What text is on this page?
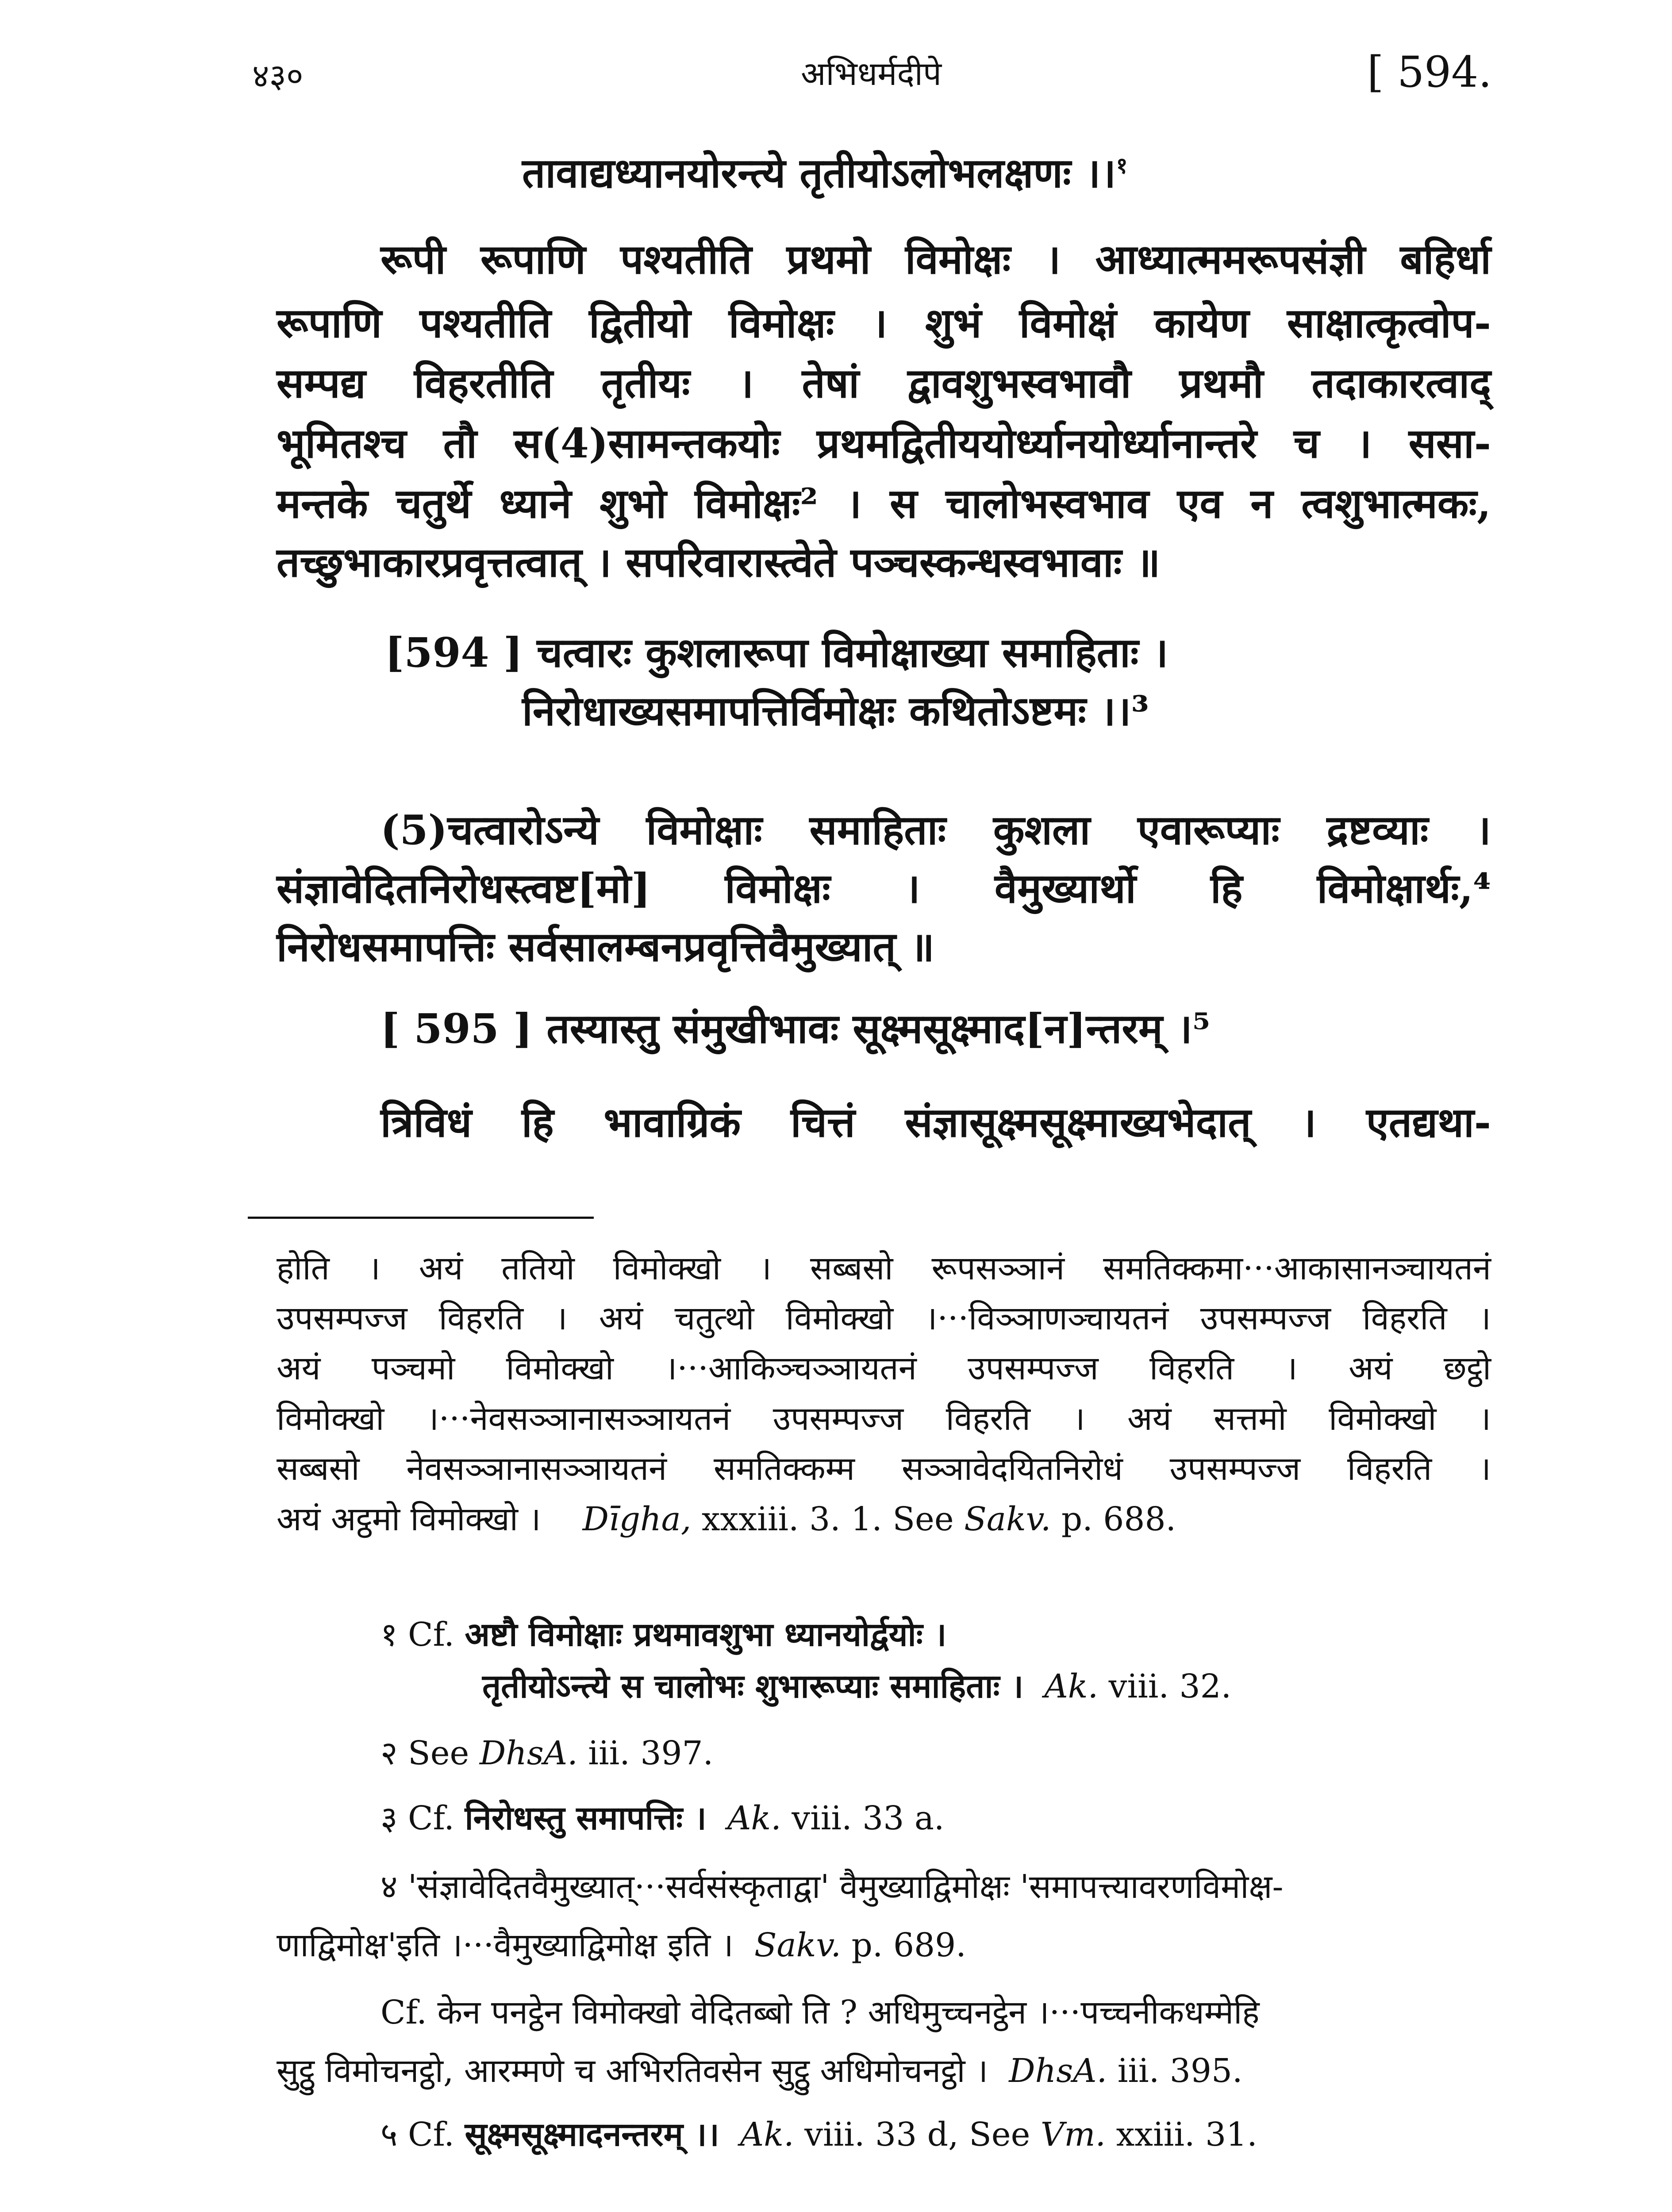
४३०	अभिधर्मदीपे	[ 594.
तावाद्यध्यानयोरन्त्ये तृतीयोऽलोभलक्षणः ।।$^१$
रूपी रूपाणि पश्यतीति प्रथमो विमोक्षः । आध्यात्ममरूपसंज्ञी बहिर्धा
रूपाणि पश्यतीति द्वितीयो विमोक्षः । शुभं विमोक्षं कायेण साक्षात्कृत्वोप-
सम्पद्य विहरतीति तृतीयः । तेषां द्वावशुभस्वभावौ प्रथमौ तदाकारत्वाद्
भूमितश्च तौ स(4)सामन्तकयोः प्रथमद्वितीययोर्ध्यानयोर्ध्यानान्तरे च । ससा-
मन्तके चतुर्थे ध्याने शुभो विमोक्षः² । स चालोभस्वभाव एव न त्वशुभात्मकः,
तच्छुभाकारप्रवृत्तत्वात् । सपरिवारास्त्वेते पञ्चस्कन्धस्वभावाः ॥
[594 ] चत्वारः कुशलारूपा विमोक्षाख्या समाहिताः ।
निरोधाख्यसमापत्तिर्विमोक्षः कथितोऽष्टमः ।।³
(5)चत्वारोऽन्ये विमोक्षाः समाहिताः कुशला एवारूप्याः द्रष्टव्याः ।
संज्ञावेदितनिरोधस्त्वष्ट[मो] विमोक्षः । वैमुख्यार्थो हि विमोक्षार्थः,⁴
निरोधसमापत्तिः सर्वसालम्बनप्रवृत्तिवैमुख्यात् ॥
[ 595 ] तस्यास्तु संमुखीभावः सूक्ष्मसूक्ष्माद[न]न्तरम् ।⁵
त्रिविधं हि भावाग्रिकं चित्तं संज्ञासूक्ष्मसूक्ष्माख्यभेदात् । एतद्यथा-
होति । अयं ततियो विमोक्खो । सब्बसो रूपसञ्ञानं समतिक्कमा···आकासानञ्चायतनं
उपसम्पज्ज विहरति । अयं चतुत्थो विमोक्खो ।···विञ्ञाणञ्चायतनं उपसम्पज्ज विहरति ।
अयं पञ्चमो विमोक्खो ।···आकिञ्चञ्ञायतनं उपसम्पज्ज विहरति । अयं छट्ठो
विमोक्खो ।···नेवसञ्ञानासञ्ञायतनं उपसम्पज्ज विहरति । अयं सत्तमो विमोक्खो ।
सब्बसो नेवसञ्ञानासञ्ञायतनं समतिक्कम्म सञ्ञावेदयितनिरोधं उपसम्पज्ज विहरति ।
अयं अट्ठमो विमोक्खो । Dīgha, xxxiii. 3. 1. See Sakv. p. 688.
१ Cf. अष्टौ विमोक्षाः प्रथमावशुभा ध्यानयोर्द्वयोः ।
तृतीयोऽन्त्ये स चालोभः शुभारूप्याः समाहिताः । Ak. viii. 32.
२ See DhsA. iii. 397.
३ Cf. निरोधस्तु समापत्तिः । Ak. viii. 33 a.
४ 'संज्ञावेदितवैमुख्यात्···सर्वसंस्कृताद्वा' वैमुख्याद्विमोक्षः 'समापत्त्यावरणविमोक्ष-
णाद्विमोक्ष'इति ।···वैमुख्याद्विमोक्ष इति । Sakv. p. 689.
Cf. केन पनट्ठेन विमोक्खो वेदितब्बो ति ? अधिमुच्चनट्ठेन ।···पच्चनीकधम्मेहि
सुट्ठु विमोचनट्ठो, आरम्मणे च अभिरतिवसेन सुट्ठु अधिमोचनट्ठो । DhsA. iii. 395.
५ Cf. सूक्ष्मसूक्ष्मादनन्तरम् ।। Ak. viii. 33 d, See Vm. xxiii. 31.
